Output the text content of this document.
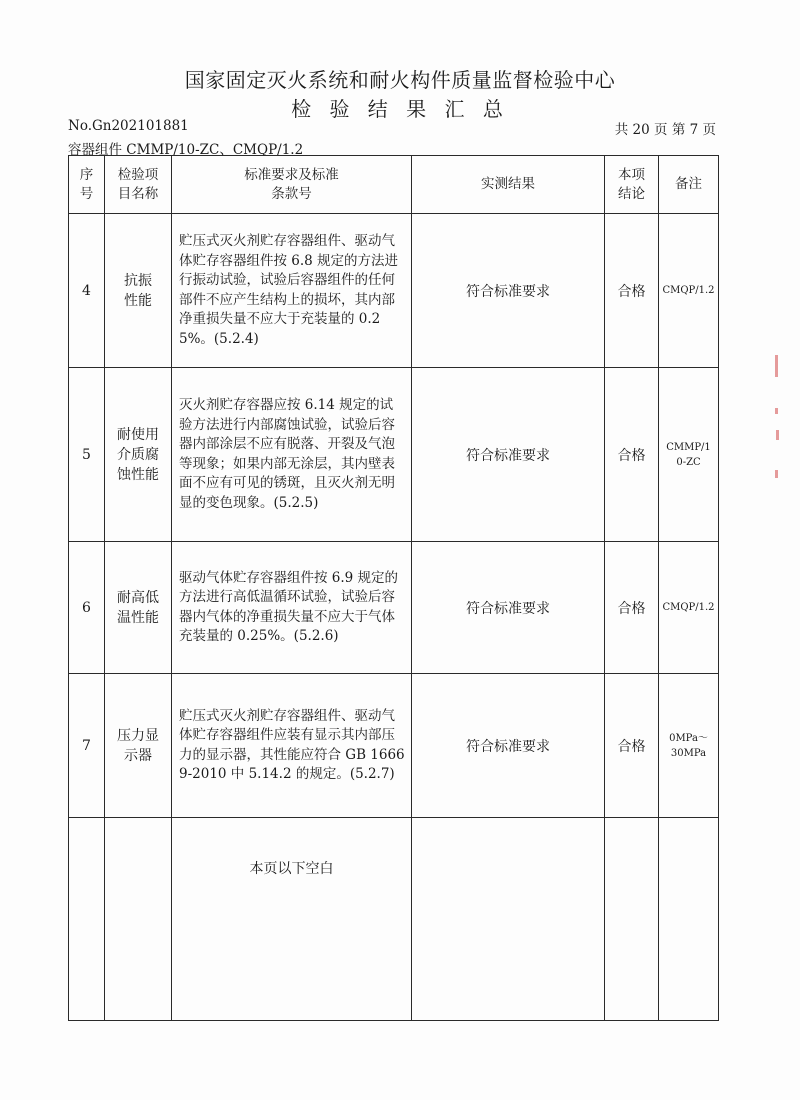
国家固定灭火系统和耐火构件质量监督检验中心
检 验 结 果 汇 总
No.Gn202101881	共 20 页 第 7 页
容器组件 CMMP/10-ZC、CMQP/1.2
序号	检验项目名称	标准要求及标准条款号	实测结果	本项结论	备注
4	抗振性能	贮压式灭火剂贮存容器组件、驱动气体贮存容器组件按 6.8 规定的方法进行振动试验，试验后容器组件的任何部件不应产生结构上的损坏，其内部净重损失量不应大于充装量的 0.25%。(5.2.4)	符合标准要求	合格	CMQP/1.2
5	耐使用介质腐蚀性能	灭火剂贮存容器应按 6.14 规定的试验方法进行内部腐蚀试验，试验后容器内部涂层不应有脱落、开裂及气泡等现象；如果内部无涂层，其内壁表面不应有可见的锈斑，且灭火剂无明显的变色现象。(5.2.5)	符合标准要求	合格	CMMP/10-ZC

6	耐高低温性能	驱动气体贮存容器组件按 6.9 规定的方法进行高低温循环试验，试验后容器内气体的净重损失量不应大于气体充装量的 0.25%。(5.2.6)	符合标准要求	合格	CMQP/1.2
7	压力显示器	贮压式灭火剂贮存容器组件、驱动气体贮存容器组件应装有显示其内部压力的显示器，其性能应符合 GB 16669-2010 中 5.14.2 的规定。(5.2.7)	符合标准要求	合格	0MPa～30MPa

		本页以下空白			
